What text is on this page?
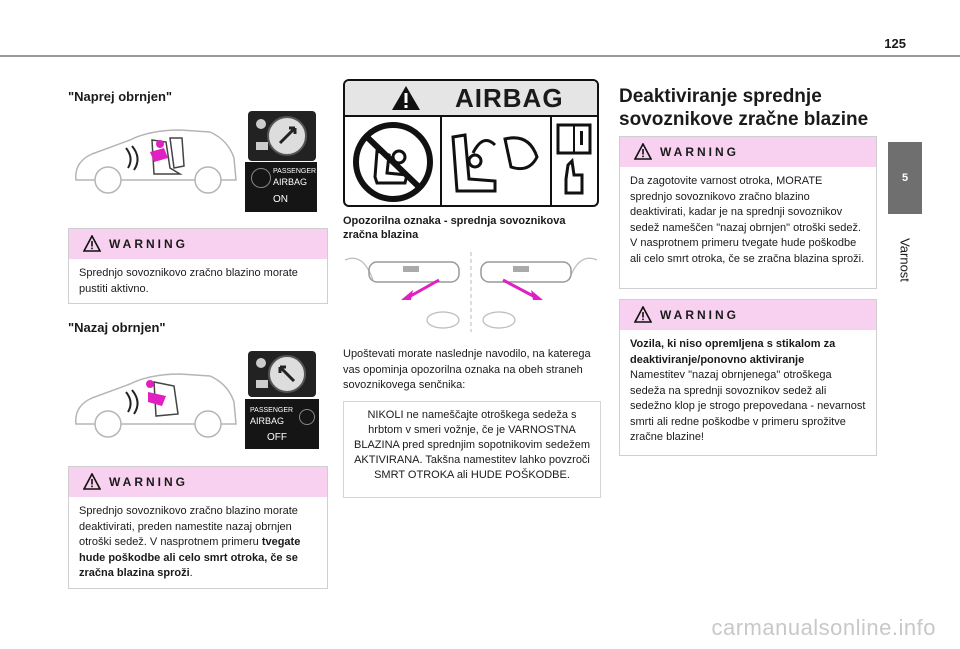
125
5
Varnost
"Naprej obrnjen"
PASSENGER
AIRBAG
ON
WARNING
Sprednjo sovoznikovo zračno blazino morate pustiti aktivno.
"Nazaj obrnjen"
PASSENGER
AIRBAG
OFF
WARNING
Sprednjo sovoznikovo zračno blazino morate deaktivirati, preden namestite nazaj obrnjen otroški sedež. V nasprotnem primeru tvegate hude poškodbe ali celo smrt otroka, če se zračna blazina sproži.
AIRBAG
Opozorilna oznaka - sprednja sovoznikova zračna blazina
Upoštevati morate naslednje navodilo, na katerega vas opominja opozorilna oznaka na obeh straneh sovoznikovega senčnika:
NIKOLI ne nameščajte otroškega sedeža s hrbtom v smeri vožnje, če je VARNOSTNA BLAZINA pred sprednjim sopotnikovim sedežem AKTIVIRANA. Takšna namestitev lahko povzroči SMRT OTROKA ali HUDE POŠKODBE.
Deaktiviranje sprednje sovoznikove zračne blazine
WARNING
Da zagotovite varnost otroka, MORATE sprednjo sovoznikovo zračno blazino deaktivirati, kadar je na sprednji sovoznikov sedež nameščen "nazaj obrnjen" otroški sedež. V nasprotnem primeru tvegate hude poškodbe ali celo smrt otroka, če se zračna blazina sproži.
WARNING
Vozila, ki niso opremljena s stikalom za deaktiviranje/ponovno aktiviranje
Namestitev "nazaj obrnjenega" otroškega sedeža na sprednji sovoznikov sedež ali sedežno klop je strogo prepovedana - nevarnost smrti ali redne poškodbe v primeru sprožitve zračne blazine!
carmanualsonline.info
